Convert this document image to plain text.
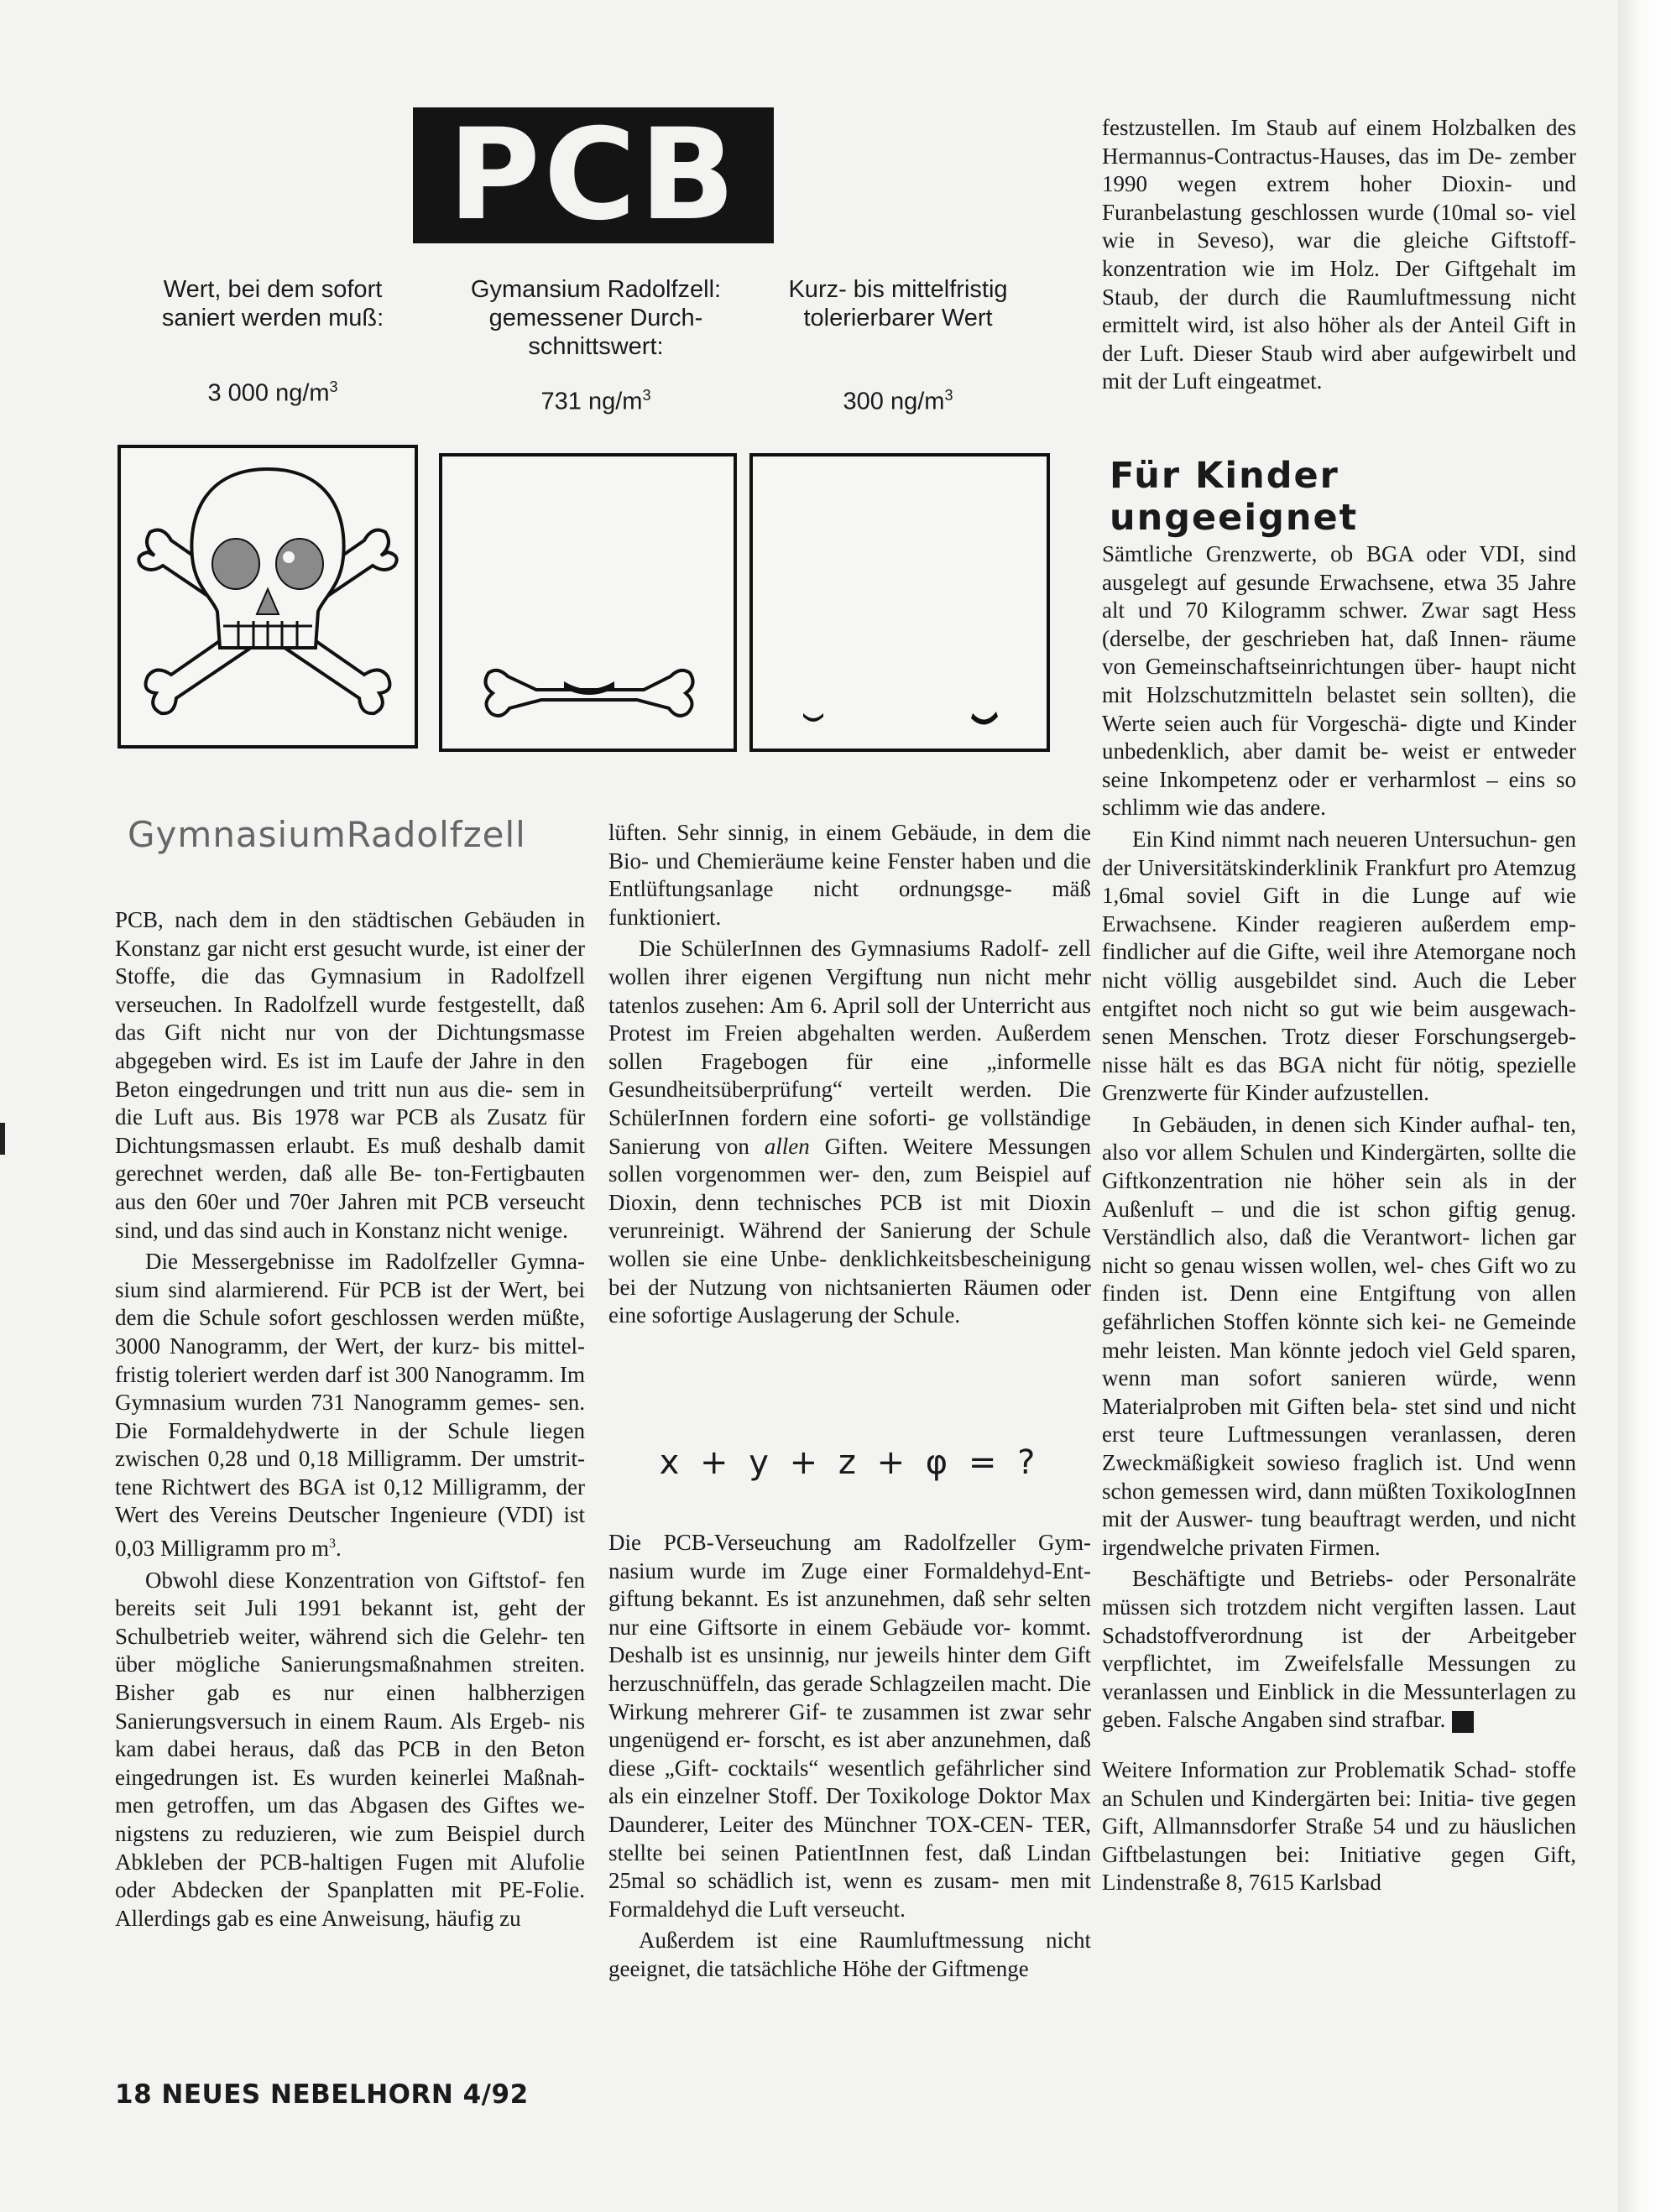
PCB
Wert, bei dem sofort saniert werden muß:
Gymansium Radolfzell: gemessener Durch- schnittswert:
Kurz- bis mittelfristig tolerierbarer Wert
3 000 $ng/m^3$
731 $ng/m^3$	300 $ng/m^3$
GymnasiumRadolfzell

PCB, nach dem in den städtischen Gebäuden in Konstanz gar nicht erst gesucht wurde, ist einer der Stoffe, die das Gymnasium in Radolfzell verseuchen. In Radolfzell wurde festgestellt, daß das Gift nicht nur von der Dichtungsmasse abgegeben wird. Es ist im Laufe der Jahre in den Beton eingedrungen und tritt nun aus die- sem in die Luft aus. Bis 1978 war PCB als Zusatz für Dichtungsmassen erlaubt. Es muß deshalb damit gerechnet werden, daß alle Be- ton-Fertigbauten aus den 60er und 70er Jahren mit PCB verseucht sind, und das sind auch in Konstanz nicht wenige.

Die Messergebnisse im Radolfzeller Gymna- sium sind alarmierend. Für PCB ist der Wert, bei dem die Schule sofort geschlossen werden müßte, 3000 Nanogramm, der Wert, der kurz- bis mittel- fristig toleriert werden darf ist 300 Nanogramm. Im Gymnasium wurden 731 Nanogramm gemes- sen. Die Formaldehydwerte in der Schule liegen zwischen 0,28 und 0,18 Milligramm. Der umstrit- tene Richtwert des BGA ist 0,12 Milligramm, der Wert des Vereins Deutscher Ingenieure (VDI) ist 0,03 Milligramm pro $m^3$.

Obwohl diese Konzentration von Giftstof- fen bereits seit Juli 1991 bekannt ist, geht der Schulbetrieb weiter, während sich die Gelehr- ten über mögliche Sanierungsmaßnahmen streiten. Bisher gab es nur einen halbherzigen Sanierungsversuch in einem Raum. Als Ergeb- nis kam dabei heraus, daß das PCB in den Beton eingedrungen ist. Es wurden keinerlei Maßnah- men getroffen, um das Abgasen des Giftes we- nigstens zu reduzieren, wie zum Beispiel durch Abkleben der PCB-haltigen Fugen mit Alufolie oder Abdecken der Spanplatten mit PE-Folie. Allerdings gab es eine Anweisung, häufig zu

lüften. Sehr sinnig, in einem Gebäude, in dem die Bio- und Chemieräume keine Fenster haben und die Entlüftungsanlage nicht ordnungsge- mäß funktioniert.

Die SchülerInnen des Gymnasiums Radolf- zell wollen ihrer eigenen Vergiftung nun nicht mehr tatenlos zusehen: Am 6. April soll der Unterricht aus Protest im Freien abgehalten werden. Außerdem sollen Fragebogen für eine „informelle Gesundheitsüberprüfung“ verteilt werden. Die SchülerInnen fordern eine soforti- ge vollständige Sanierung von allen Giften. Weitere Messungen sollen vorgenommen wer- den, zum Beispiel auf Dioxin, denn technisches PCB ist mit Dioxin verunreinigt. Während der Sanierung der Schule wollen sie eine Unbe- denklichkeitsbescheinigung bei der Nutzung von nichtsanierten Räumen oder eine sofortige Auslagerung der Schule.

x + y + z + φ = ?

Die PCB-Verseuchung am Radolfzeller Gym- nasium wurde im Zuge einer Formaldehyd-Ent- giftung bekannt. Es ist anzunehmen, daß sehr selten nur eine Giftsorte in einem Gebäude vor- kommt. Deshalb ist es unsinnig, nur jeweils hinter dem Gift herzuschnüffeln, das gerade Schlagzeilen macht. Die Wirkung mehrerer Gif- te zusammen ist zwar sehr ungenügend er- forscht, es ist aber anzunehmen, daß diese „Gift- cocktails“ wesentlich gefährlicher sind als ein einzelner Stoff. Der Toxikologe Doktor Max Daunderer, Leiter des Münchner TOX-CEN- TER, stellte bei seinen PatientInnen fest, daß Lindan 25mal so schädlich ist, wenn es zusam- men mit Formaldehyd die Luft verseucht.

Außerdem ist eine Raumluftmessung nicht geeignet, die tatsächliche Höhe der Giftmenge

festzustellen. Im Staub auf einem Holzbalken des Hermannus-Contractus-Hauses, das im De- zember 1990 wegen extrem hoher Dioxin- und Furanbelastung geschlossen wurde (10mal so- viel wie in Seveso), war die gleiche Giftstoff- konzentration wie im Holz. Der Giftgehalt im Staub, der durch die Raumluftmessung nicht ermittelt wird, ist also höher als der Anteil Gift in der Luft. Dieser Staub wird aber aufgewirbelt und mit der Luft eingeatmet.

Für Kinder ungeeignet

Sämtliche Grenzwerte, ob BGA oder VDI, sind ausgelegt auf gesunde Erwachsene, etwa 35 Jahre alt und 70 Kilogramm schwer. Zwar sagt Hess (derselbe, der geschrieben hat, daß Innen- räume von Gemeinschaftseinrichtungen über- haupt nicht mit Holzschutzmitteln belastet sein sollten), die Werte seien auch für Vorgeschä- digte und Kinder unbedenklich, aber damit be- weist er entweder seine Inkompetenz oder er verharmlost – eins so schlimm wie das andere.

Ein Kind nimmt nach neueren Untersuchun- gen der Universitätskinderklinik Frankfurt pro Atemzug 1,6mal soviel Gift in die Lunge auf wie Erwachsene. Kinder reagieren außerdem emp- findlicher auf die Gifte, weil ihre Atemorgane noch nicht völlig ausgebildet sind. Auch die Leber entgiftet noch nicht so gut wie beim ausgewach- senen Menschen. Trotz dieser Forschungsergeb- nisse hält es das BGA nicht für nötig, spezielle Grenzwerte für Kinder aufzustellen.

In Gebäuden, in denen sich Kinder aufhal- ten, also vor allem Schulen und Kindergärten, sollte die Giftkonzentration nie höher sein als in der Außenluft – und die ist schon giftig genug. Verständlich also, daß die Verantwort- lichen gar nicht so genau wissen wollen, wel- ches Gift wo zu finden ist. Denn eine Entgiftung von allen gefährlichen Stoffen könnte sich kei- ne Gemeinde mehr leisten. Man könnte jedoch viel Geld sparen, wenn man sofort sanieren würde, wenn Materialproben mit Giften bela- stet sind und nicht erst teure Luftmessungen veranlassen, deren Zweckmäßigkeit sowieso fraglich ist. Und wenn schon gemessen wird, dann müßten ToxikologInnen mit der Auswer- tung beauftragt werden, und nicht irgendwelche privaten Firmen.

Beschäftigte und Betriebs- oder Personalräte müssen sich trotzdem nicht vergiften lassen. Laut Schadstoffverordnung ist der Arbeitgeber verpflichtet, im Zweifelsfalle Messungen zu veranlassen und Einblick in die Messunterlagen zu geben. Falsche Angaben sind strafbar.	N

Weitere Information zur Problematik Schad- stoffe an Schulen und Kindergärten bei: Initia- tive gegen Gift, Allmannsdorfer Straße 54 und zu häuslichen Giftbelastungen bei: Initiative gegen Gift, Lindenstraße 8, 7615 Karlsbad

18 NEUES NEBELHORN 4/92
